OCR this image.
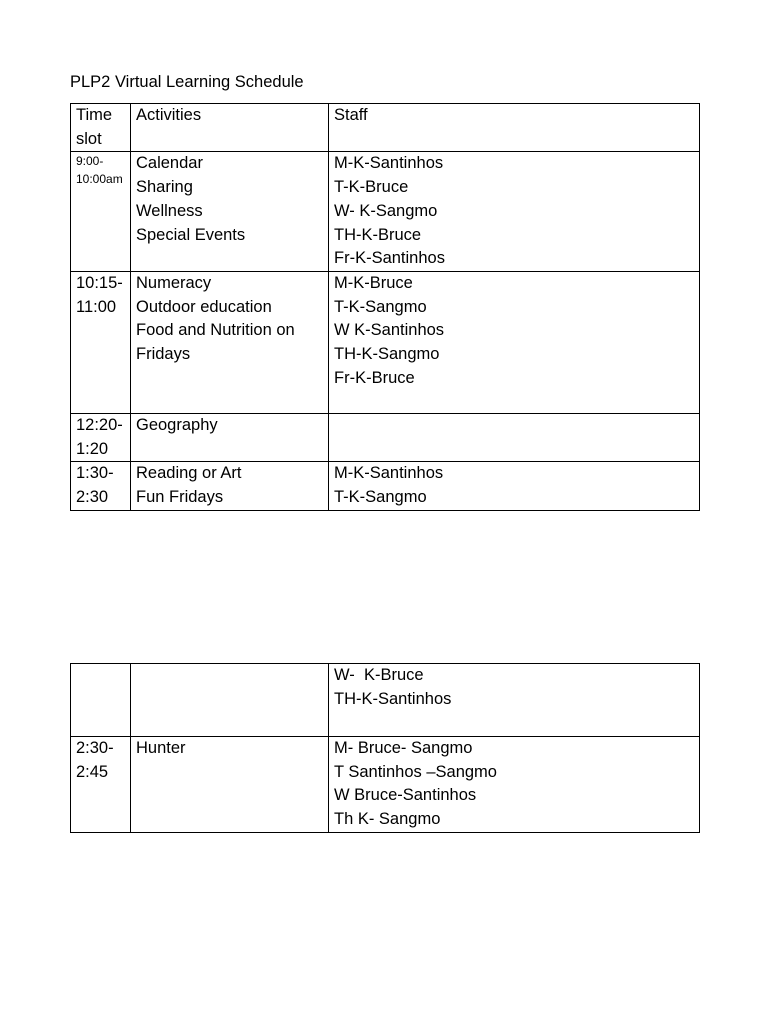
PLP2 Virtual Learning Schedule
Time
slot	Activities	Staff

9:00-
10:00am	Calendar
Sharing
Wellness
Special Events	M-K-Santinhos
T-K-Bruce
W- K-Sangmo
TH-K-Bruce
Fr-K-Santinhos

10:15-
11:00	Numeracy
Outdoor education
Food and Nutrition on
Fridays	M-K-Bruce
T-K-Sangmo
W K-Santinhos
TH-K-Sangmo
Fr-K-Bruce

12:20-
1:20	Geography	

1:30-
2:30	Reading or Art
Fun Fridays	M-K-Santinhos
T-K-Sangmo

		W-  K-Bruce
TH-K-Santinhos

2:30-
2:45	Hunter	M- Bruce- Sangmo
T Santinhos –Sangmo
W Bruce-Santinhos
Th K- Sangmo
